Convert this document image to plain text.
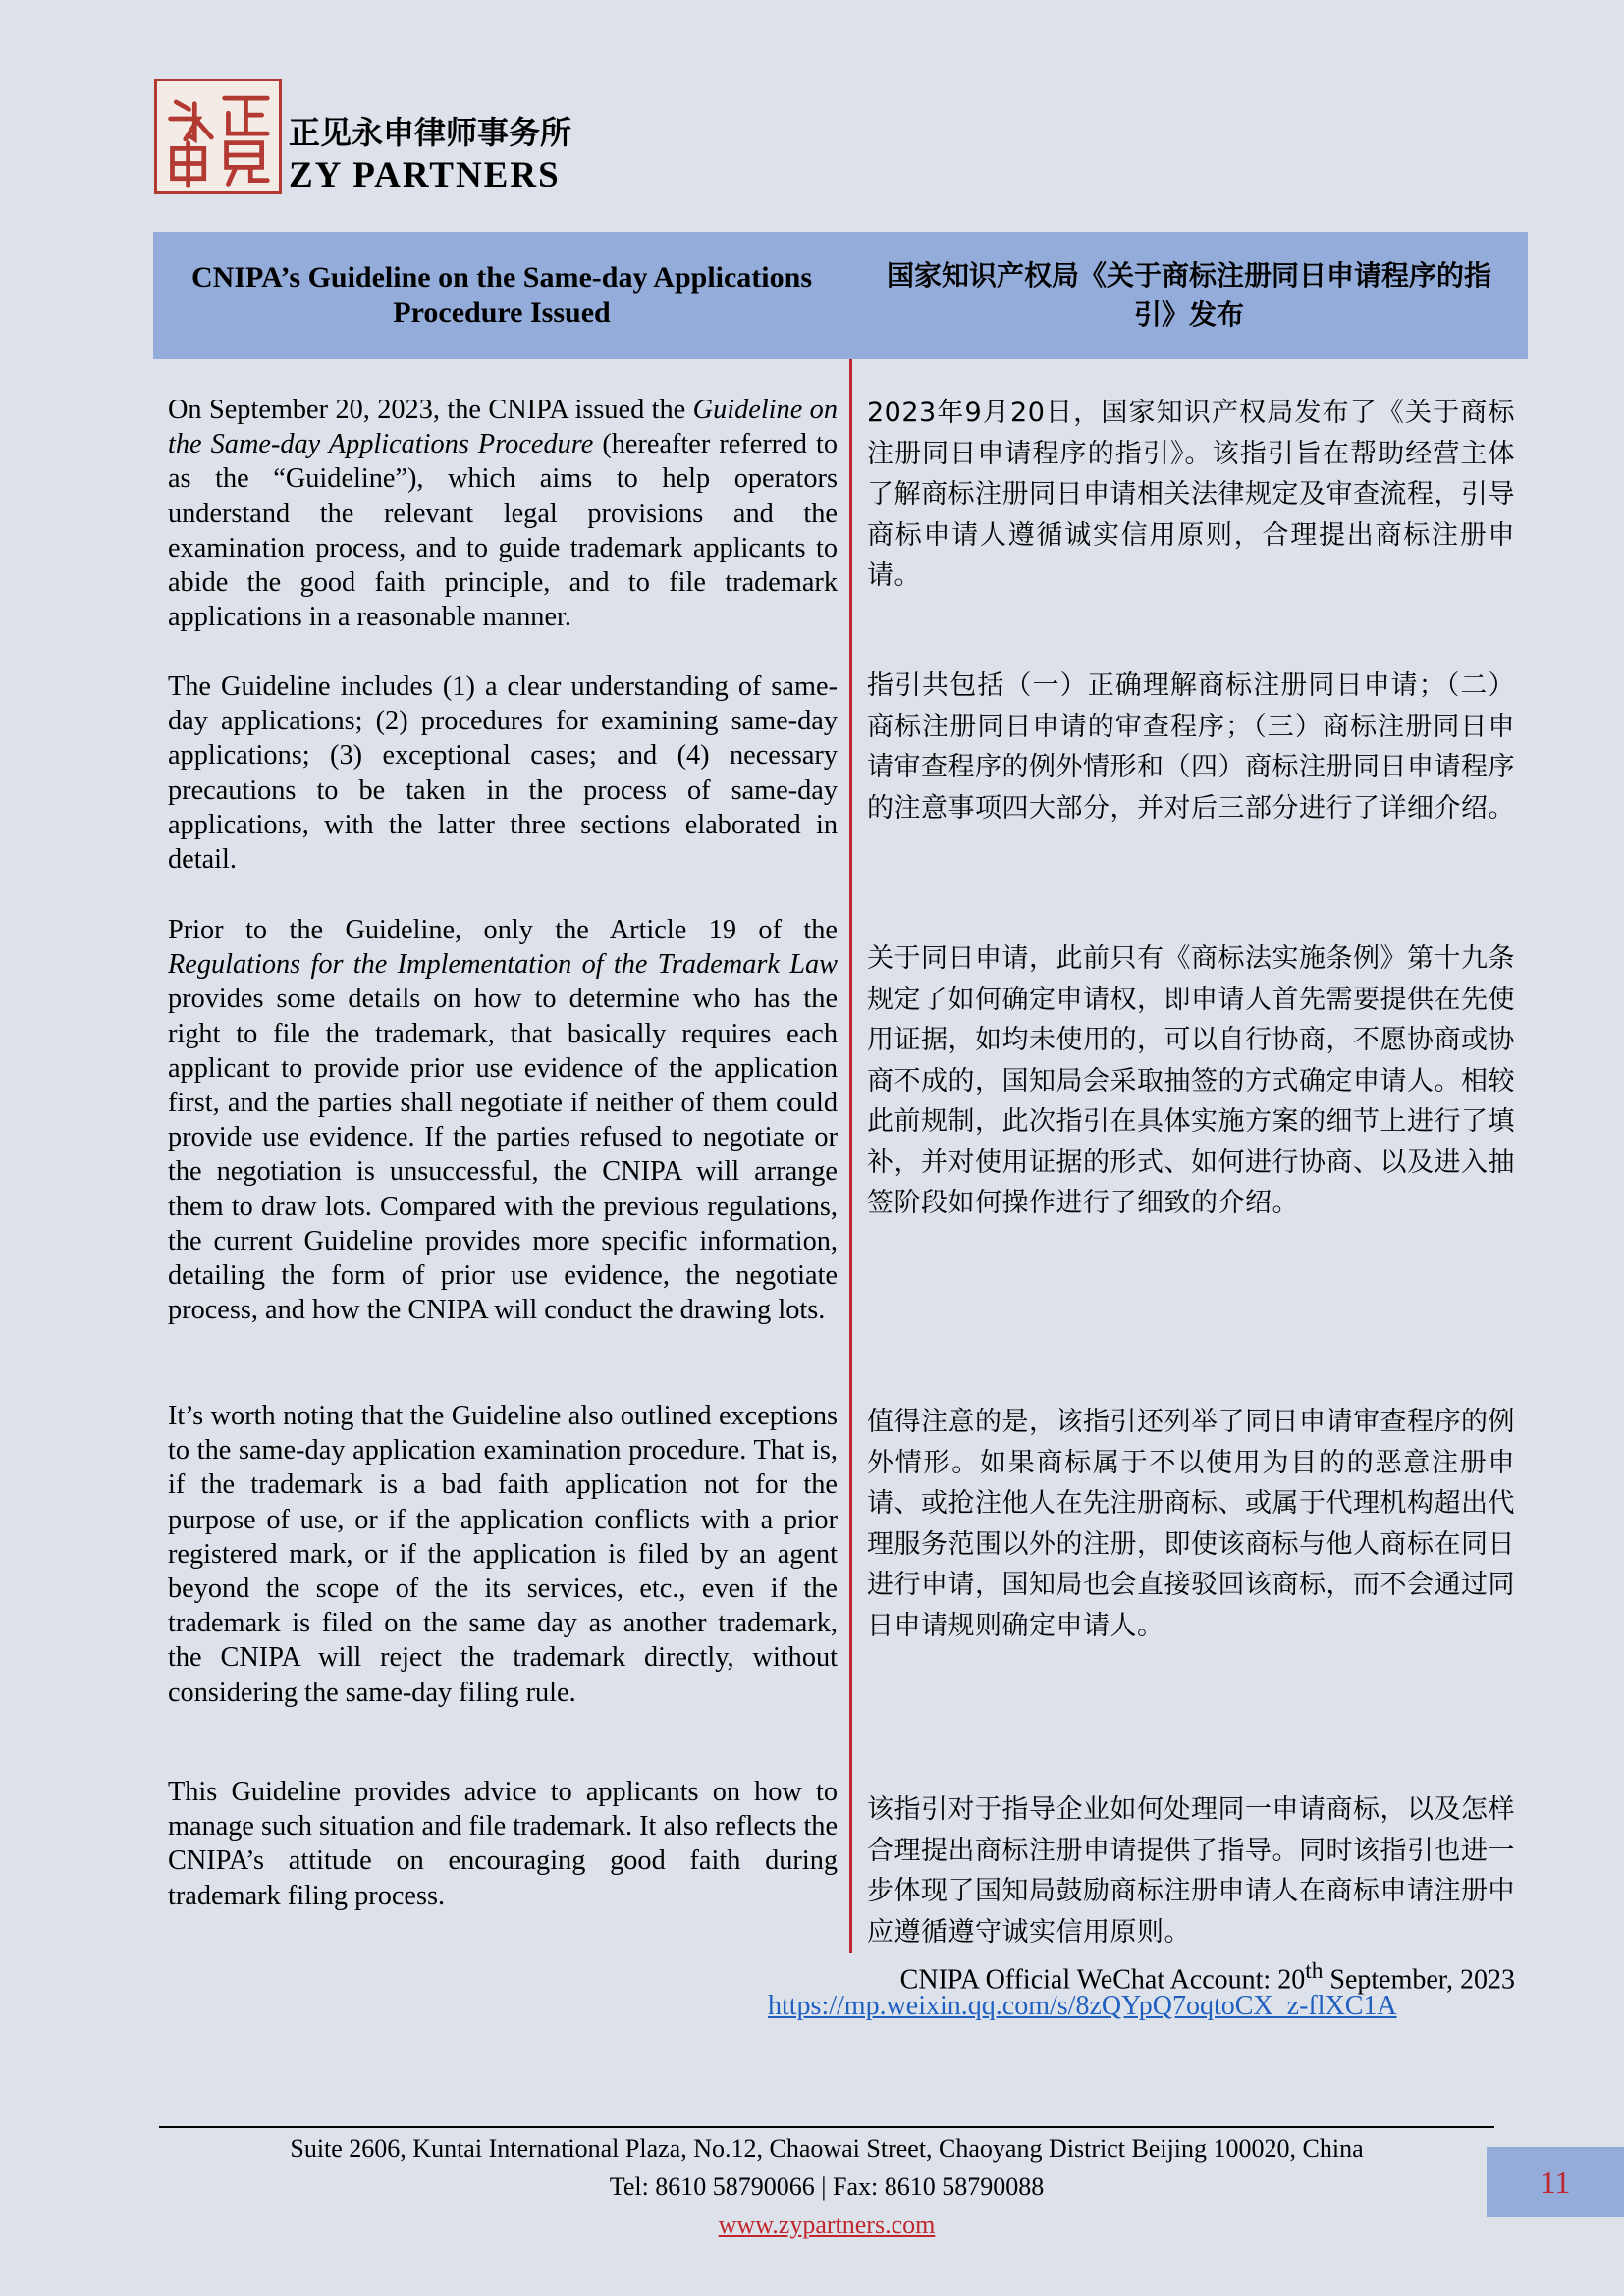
正见永申律师事务所
ZY PARTNERS
CNIPA’s Guideline on the Same-day Applications Procedure Issued
国家知识产权局《关于商标注册同日申请程序的指引》发布

On September 20, 2023, the CNIPA issued the Guideline on the Same-day Applications Procedure (hereafter referred to as the “Guideline”), which aims to help operators understand the relevant legal provisions and the examination process, and to guide trademark applicants to abide the good faith principle, and to file trademark applications in a reasonable manner.

The Guideline includes (1) a clear understanding of same-day applications; (2) procedures for examining same-day applications; (3) exceptional cases; and (4) necessary precautions to be taken in the process of same-day applications, with the latter three sections elaborated in detail.

Prior to the Guideline, only the Article 19 of the Regulations for the Implementation of the Trademark Law provides some details on how to determine who has the right to file the trademark, that basically requires each applicant to provide prior use evidence of the application first, and the parties shall negotiate if neither of them could provide use evidence. If the parties refused to negotiate or the negotiation is unsuccessful, the CNIPA will arrange them to draw lots. Compared with the previous regulations, the current Guideline provides more specific information, detailing the form of prior use evidence, the negotiate process, and how the CNIPA will conduct the drawing lots.

It’s worth noting that the Guideline also outlined exceptions to the same-day application examination procedure. That is, if the trademark is a bad faith application not for the purpose of use, or if the application conflicts with a prior registered mark, or if the application is filed by an agent beyond the scope of the its services, etc., even if the trademark is filed on the same day as another trademark, the CNIPA will reject the trademark directly, without considering the same-day filing rule.

This Guideline provides advice to applicants on how to manage such situation and file trademark. It also reflects the CNIPA’s attitude on encouraging good faith during trademark filing process.

2023年9月20日，国家知识产权局发布了《关于商标注册同日申请程序的指引》。该指引旨在帮助经营主体了解商标注册同日申请相关法律规定及审查流程，引导商标申请人遵循诚实信用原则，合理提出商标注册申请。

指引共包括（一）正确理解商标注册同日申请；（二）商标注册同日申请的审查程序；（三）商标注册同日申请审查程序的例外情形和（四）商标注册同日申请程序的注意事项四大部分，并对后三部分进行了详细介绍。

关于同日申请，此前只有《商标法实施条例》第十九条规定了如何确定申请权，即申请人首先需要提供在先使用证据，如均未使用的，可以自行协商，不愿协商或协商不成的，国知局会采取抽签的方式确定申请人。相较此前规制，此次指引在具体实施方案的细节上进行了填补，并对使用证据的形式、如何进行协商、以及进入抽签阶段如何操作进行了细致的介绍。

值得注意的是，该指引还列举了同日申请审查程序的例外情形。如果商标属于不以使用为目的的恶意注册申请、或抢注他人在先注册商标、或属于代理机构超出代理服务范围以外的注册，即使该商标与他人商标在同日进行申请，国知局也会直接驳回该商标，而不会通过同日申请规则确定申请人。

该指引对于指导企业如何处理同一申请商标，以及怎样合理提出商标注册申请提供了指导。同时该指引也进一步体现了国知局鼓励商标注册申请人在商标申请注册中应遵循遵守诚实信用原则。

CNIPA Official WeChat Account: 20th September, 2023
https://mp.weixin.qq.com/s/8zQYpQ7oqtoCX_z-flXC1A
Suite 2606, Kuntai International Plaza, No.12, Chaowai Street, Chaoyang District Beijing 100020, China
Tel: 8610 58790066 | Fax: 8610 58790088
www.zypartners.com
11
